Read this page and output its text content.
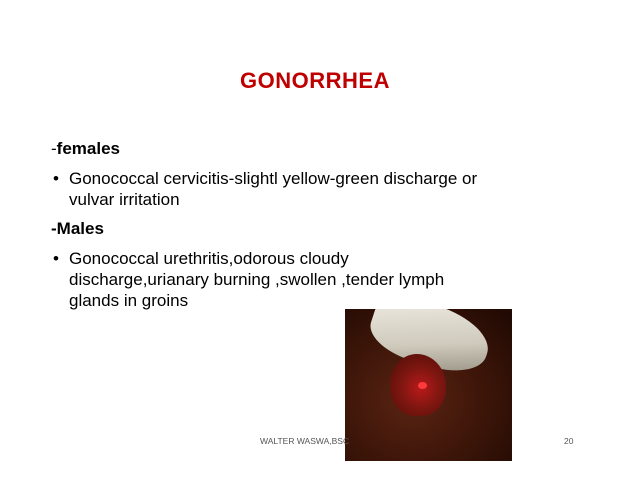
GONORRHEA
-females
• Gonococcal cervicitis-slightl yellow-green discharge or
vulvar irritation
-Males
• Gonococcal urethritis,odorous cloudy
discharge,urianary burning ,swollen ,tender lymph
glands in groins
WALTER WASWA,BSC	20
